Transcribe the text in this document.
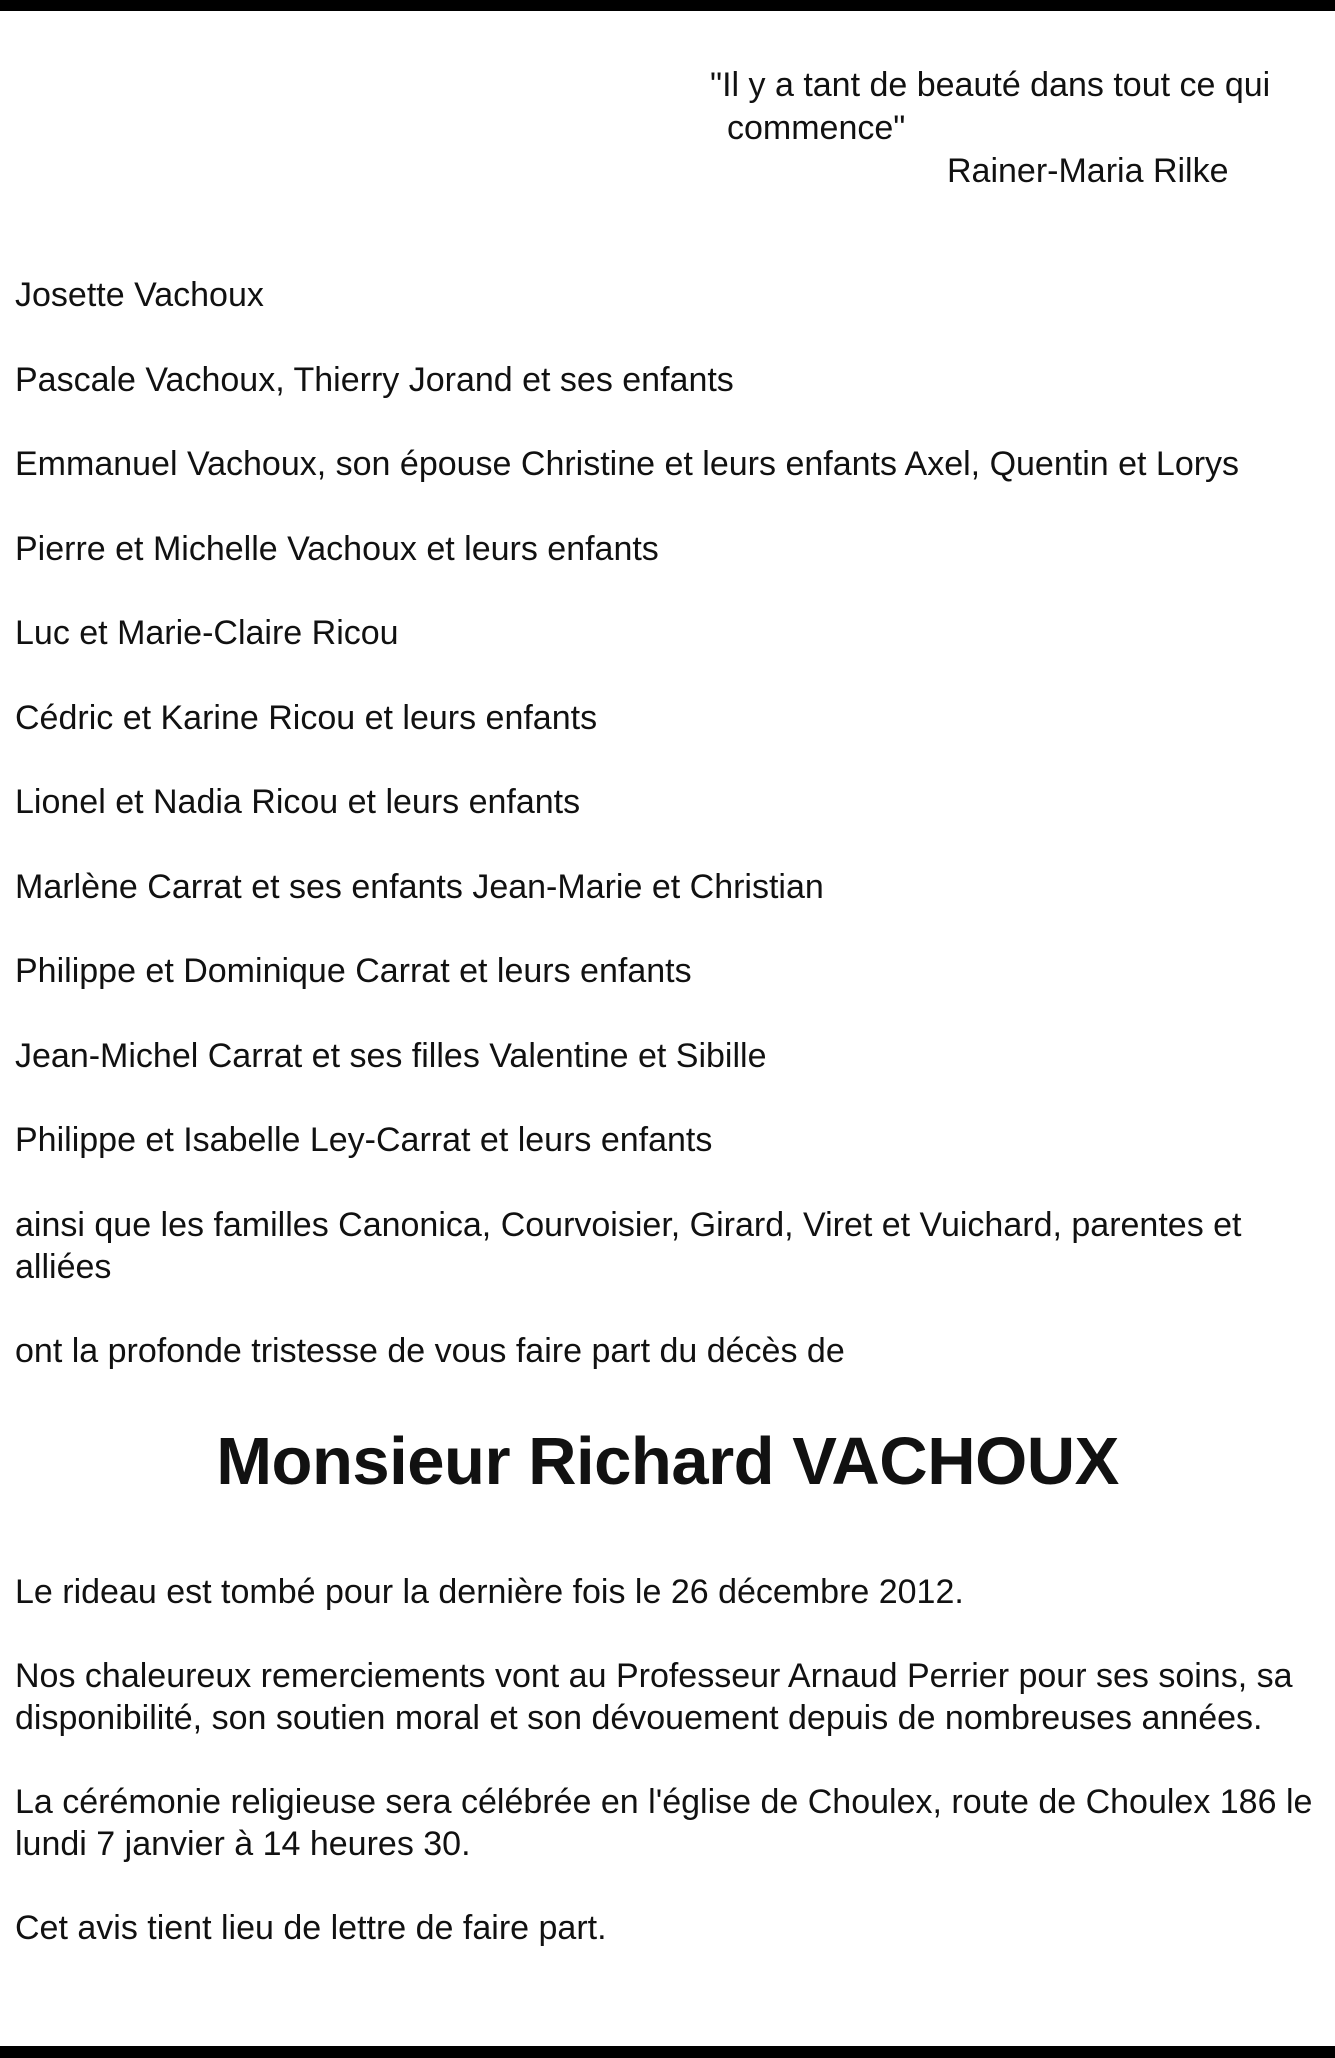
"Il y a tant de beauté dans tout ce qui
commence"
Rainer-Maria Rilke
Josette Vachoux
Pascale Vachoux, Thierry Jorand et ses enfants
Emmanuel Vachoux, son épouse Christine et leurs enfants Axel, Quentin et Lorys
Pierre et Michelle Vachoux et leurs enfants
Luc et Marie-Claire Ricou
Cédric et Karine Ricou et leurs enfants
Lionel et Nadia Ricou et leurs enfants
Marlène Carrat et ses enfants Jean-Marie et Christian
Philippe et Dominique Carrat et leurs enfants
Jean-Michel Carrat et ses filles Valentine et Sibille
Philippe et Isabelle Ley-Carrat et leurs enfants
ainsi que les familles Canonica, Courvoisier, Girard, Viret et Vuichard, parentes et alliées
ont la profonde tristesse de vous faire part du décès de
Monsieur Richard VACHOUX
Le rideau est tombé pour la dernière fois le 26 décembre 2012.
Nos chaleureux remerciements vont au Professeur Arnaud Perrier pour ses soins, sa disponibilité, son soutien moral et son dévouement depuis de nombreuses années.
La cérémonie religieuse sera célébrée en l'église de Choulex, route de Choulex 186 le lundi 7 janvier à 14 heures 30.
Cet avis tient lieu de lettre de faire part.
